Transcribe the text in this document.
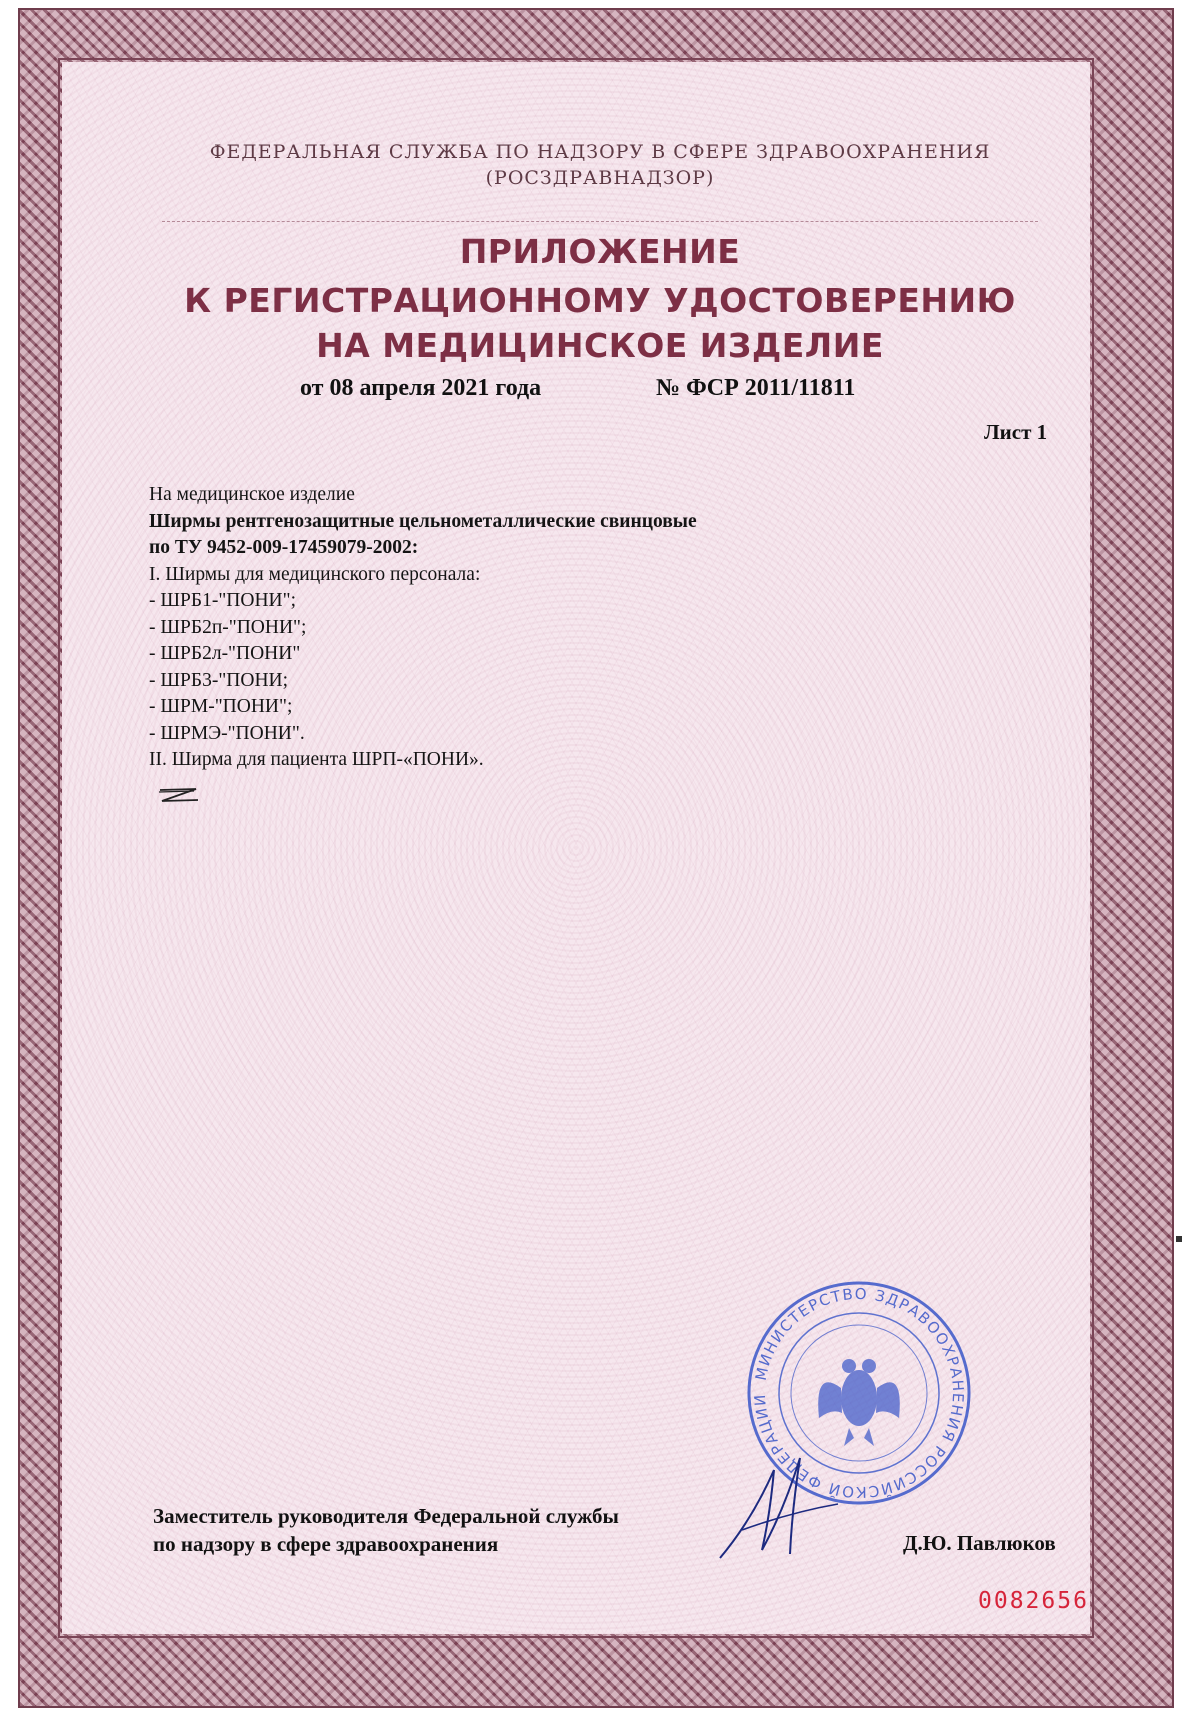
ФЕДЕРАЛЬНАЯ СЛУЖБА ПО НАДЗОРУ В СФЕРЕ ЗДРАВООХРАНЕНИЯ
(РОСЗДРАВНАДЗОР)
ПРИЛОЖЕНИЕ
К РЕГИСТРАЦИОННОМУ УДОСТОВЕРЕНИЮ
НА МЕДИЦИНСКОЕ ИЗДЕЛИЕ
от 08 апреля 2021 года	№ ФСР 2011/11811
Лист 1
На медицинское изделие
Ширмы рентгенозащитные цельнометаллические свинцовые
по ТУ 9452-009-17459079-2002:
I. Ширмы для медицинского персонала:
- ШРБ1-"ПОНИ";
- ШРБ2п-"ПОНИ";
- ШРБ2л-"ПОНИ"
- ШРБ3-"ПОНИ;
- ШРМ-"ПОНИ";
- ШРМЭ-"ПОНИ".
II. Ширма для пациента ШРП-«ПОНИ».
МИНИСТЕРСТВО ЗДРАВООХРАНЕНИЯ РОССИЙСКОЙ ФЕДЕРАЦИИ
Заместитель руководителя Федеральной службы
по надзору в сфере здравоохранения	Д.Ю. Павлюков
0082656
